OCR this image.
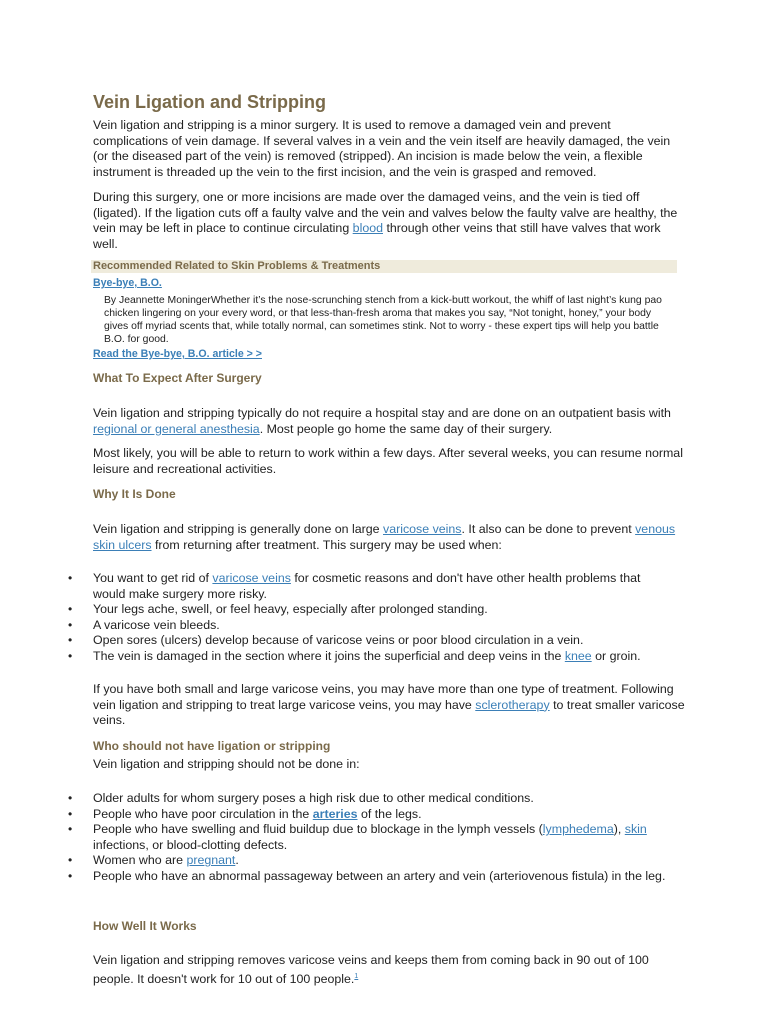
Vein Ligation and Stripping
Vein ligation and stripping is a minor surgery. It is used to remove a damaged vein and prevent complications of vein damage. If several valves in a vein and the vein itself are heavily damaged, the vein (or the diseased part of the vein) is removed (stripped). An incision is made below the vein, a flexible instrument is threaded up the vein to the first incision, and the vein is grasped and removed.
During this surgery, one or more incisions are made over the damaged veins, and the vein is tied off (ligated). If the ligation cuts off a faulty valve and the vein and valves below the faulty valve are healthy, the vein may be left in place to continue circulating blood through other veins that still have valves that work well.
Recommended Related to Skin Problems & Treatments
Bye-bye, B.O.
By Jeannette MoningerWhether it’s the nose-scrunching stench from a kick-butt workout, the whiff of last night’s kung pao chicken lingering on your every word, or that less-than-fresh aroma that makes you say, “Not tonight, honey,” your body gives off myriad scents that, while totally normal, can sometimes stink. Not to worry - these expert tips will help you battle B.O. for good.
Read the Bye-bye, B.O. article > >
What To Expect After Surgery
Vein ligation and stripping typically do not require a hospital stay and are done on an outpatient basis with regional or general anesthesia. Most people go home the same day of their surgery.
Most likely, you will be able to return to work within a few days. After several weeks, you can resume normal leisure and recreational activities.
Why It Is Done
Vein ligation and stripping is generally done on large varicose veins. It also can be done to prevent venous skin ulcers from returning after treatment. This surgery may be used when:
• You want to get rid of varicose veins for cosmetic reasons and don't have other health problems that would make surgery more risky.
• Your legs ache, swell, or feel heavy, especially after prolonged standing.
• A varicose vein bleeds.
• Open sores (ulcers) develop because of varicose veins or poor blood circulation in a vein.
• The vein is damaged in the section where it joins the superficial and deep veins in the knee or groin.
If you have both small and large varicose veins, you may have more than one type of treatment. Following vein ligation and stripping to treat large varicose veins, you may have sclerotherapy to treat smaller varicose veins.
Who should not have ligation or stripping
Vein ligation and stripping should not be done in:
• Older adults for whom surgery poses a high risk due to other medical conditions.
• People who have poor circulation in the arteries of the legs.
• People who have swelling and fluid buildup due to blockage in the lymph vessels (lymphedema), skin infections, or blood-clotting defects.
• Women who are pregnant.
• People who have an abnormal passageway between an artery and vein (arteriovenous fistula) in the leg.
How Well It Works
Vein ligation and stripping removes varicose veins and keeps them from coming back in 90 out of 100 people. It doesn't work for 10 out of 100 people.$^1$
